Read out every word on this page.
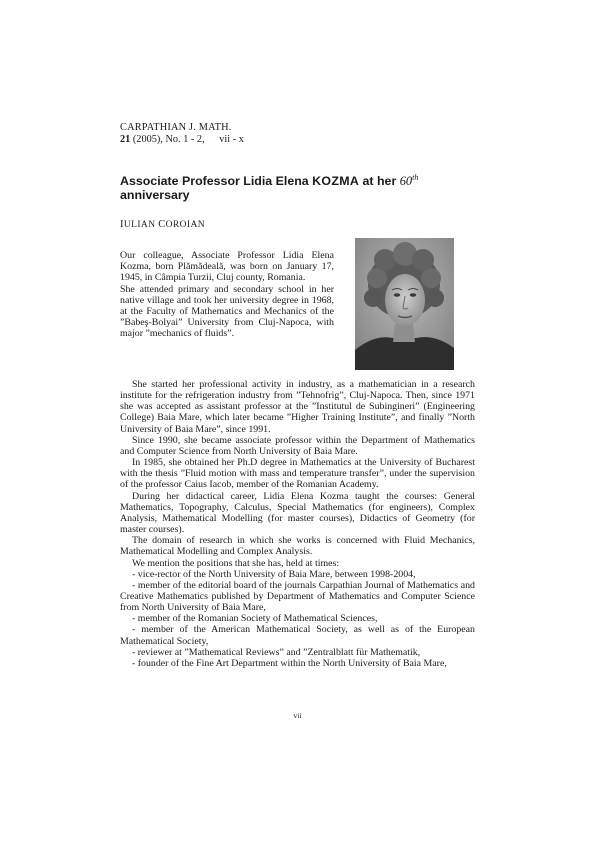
CARPATHIAN J. MATH.
21 (2005), No. 1 - 2, vii - x
Associate Professor Lidia Elena KOZMA at her 60th
anniversary
IULIAN COROIAN

Our colleague, Associate Professor Lidia Elena Kozma, born Plămădeală, was born on January 17, 1945, in Câmpia Turzii, Cluj county, Romania.

She attended primary and secondary school in her native village and took her university degree in 1968, at the Faculty of Mathematics and Mechanics of the ”Babeş-Bolyai” University from Cluj-Napoca, with major ”mechanics of fluids”.

She started her professional activity in industry, as a mathematician in a research institute for the refrigeration industry from ”Tehnofrig”, Cluj-Napoca. Then, since 1971 she was accepted as assistant professor at the ”Institutul de Subingineri” (Engineering College) Baia Mare, which later became ”Higher Training Institute”, and finally ”North University of Baia Mare”, since 1991.

Since 1990, she became associate professor within the Department of Mathematics and Computer Science from North University of Baia Mare.

In 1985, she obtained her Ph.D degree in Mathematics at the University of Bucharest with the thesis ”Fluid motion with mass and temperature transfer”, under the supervision of the professor Caius Iacob, member of the Romanian Academy.

During her didactical career, Lidia Elena Kozma taught the courses: General Mathematics, Topography, Calculus, Special Mathematics (for engineers), Complex Analysis, Mathematical Modelling (for master courses), Didactics of Geometry (for master courses).

The domain of research in which she works is concerned with Fluid Mechanics, Mathematical Modelling and Complex Analysis.

We mention the positions that she has, held at times:

- vice-rector of the North University of Baia Mare, between 1998-2004,

- member of the editorial board of the journals Carpathian Journal of Mathematics and Creative Mathematics published by Department of Mathematics and Computer Science from North University of Baia Mare,

- member of the Romanian Society of Mathematical Sciences,

- member of the American Mathematical Society, as well as of the European Mathematical Society,

- reviewer at ”Mathematical Reviews” and ”Zentralblatt für Mathematik,

- founder of the Fine Art Department within the North University of Baia Mare,

vii
